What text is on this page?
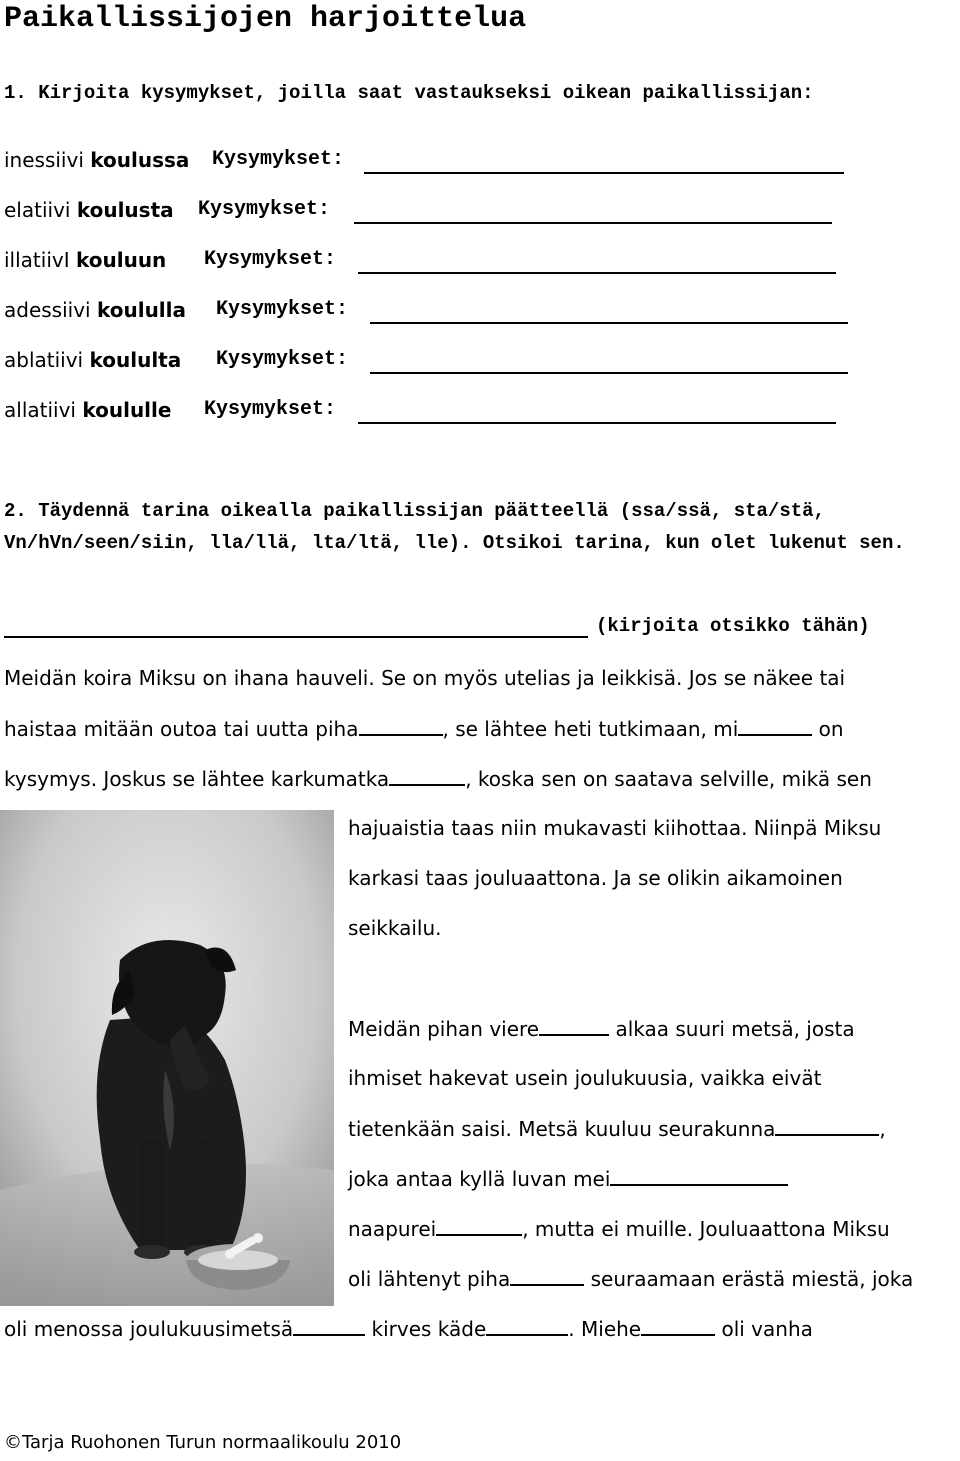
Paikallissijojen harjoittelua
1. Kirjoita kysymykset, joilla saat vastaukseksi oikean paikallissijan:
inessiivi koulussa Kysymykset:
elatiivi koulusta Kysymykset:
illatiivI kouluun Kysymykset:
adessiivi koululla Kysymykset:
ablatiivi koululta Kysymykset:
allatiivi koululle Kysymykset:
2. Täydennä tarina oikealla paikallissijan päätteellä (ssa/ssä, sta/stä,
Vn/hVn/seen/siin, lla/llä, lta/ltä, lle). Otsikoi tarina, kun olet lukenut sen.
(kirjoita otsikko tähän)
Meidän koira Miksu on ihana hauveli. Se on myös utelias ja leikkisä. Jos se näkee tai
haistaa mitään outoa tai uutta piha	, se lähtee heti tutkimaan, mi	on
kysymys. Joskus se lähtee karkumatka	, koska sen on saatava selville, mikä sen
hajuaistia taas niin mukavasti kiihottaa. Niinpä Miksu
karkasi taas jouluaattona. Ja se olikin aikamoinen
seikkailu.
Meidän pihan viere	alkaa suuri metsä, josta
ihmiset hakevat usein joulukuusia, vaikka eivät
tietenkään saisi. Metsä kuuluu seurakunna	,
joka antaa kyllä luvan mei
naapurei	, mutta ei muille. Jouluaattona Miksu
oli lähtenyt piha	seuraamaan erästä miestä, joka
oli menossa joulukuusimetsä	kirves käde	. Miehe	oli vanha
©Tarja Ruohonen Turun normaalikoulu 2010
